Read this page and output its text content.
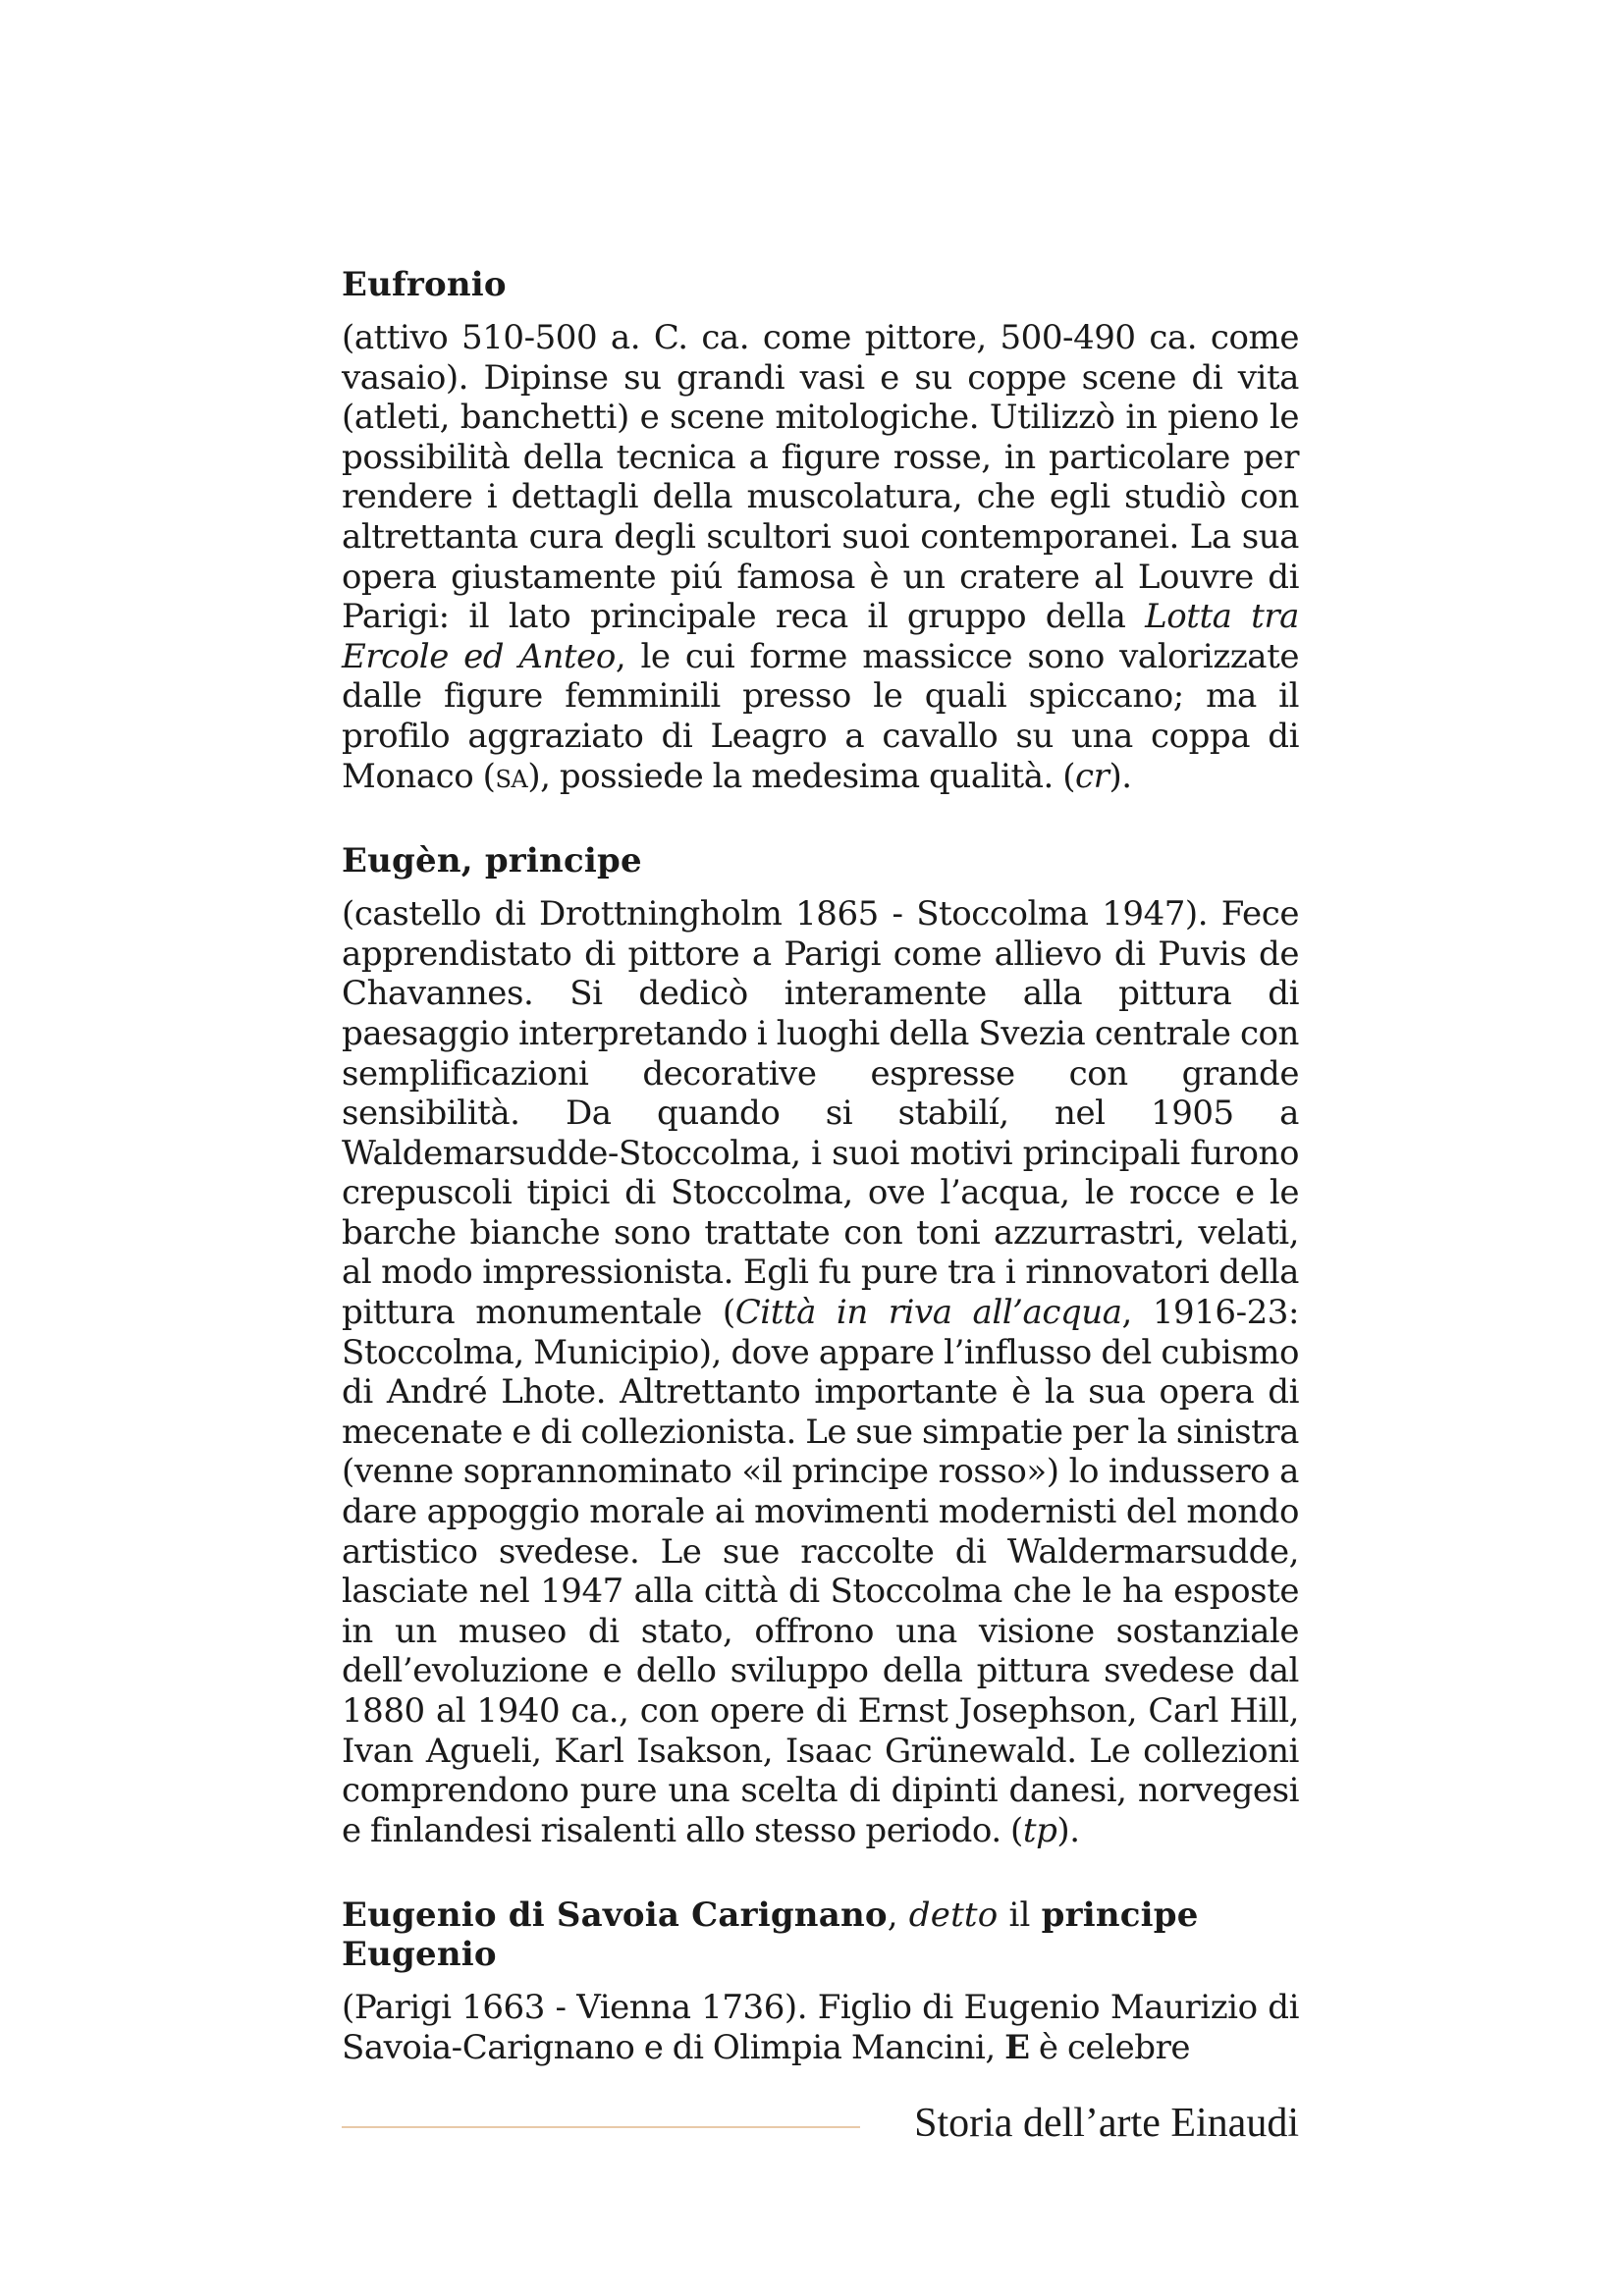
Eufronio

(attivo 510-500 a. C. ca. come pittore, 500-490 ca. come vasaio). Dipinse su grandi vasi e su coppe scene di vita (atleti, banchetti) e scene mitologiche. Utilizzò in pieno le possibilità della tecnica a figure rosse, in particolare per rendere i dettagli della muscolatura, che egli studiò con altrettanta cura degli scultori suoi contemporanei. La sua opera giustamente piú famosa è un cratere al Louvre di Parigi: il lato principale reca il gruppo della Lotta tra Ercole ed Anteo, le cui forme massicce sono valorizzate dalle figure femminili presso le quali spiccano; ma il profilo aggraziato di Leagro a cavallo su una coppa di Monaco (sa), possiede la medesima qualità. (cr).

Eugèn, principe

(castello di Drottningholm 1865 - Stoccolma 1947). Fece apprendistato di pittore a Parigi come allievo di Puvis de Chavannes. Si dedicò interamente alla pittura di paesaggio interpretando i luoghi della Svezia centrale con semplificazioni decorative espresse con grande sensibilità. Da quando si stabilí, nel 1905 a Waldemarsudde-Stoccolma, i suoi motivi principali furono crepuscoli tipici di Stoccolma, ove l’acqua, le rocce e le barche bianche sono trattate con toni azzurrastri, velati, al modo impressionista. Egli fu pure tra i rinnovatori della pittura monumentale (Città in riva all’acqua, 1916-23: Stoccolma, Municipio), dove appare l’influsso del cubismo di André Lhote. Altrettanto importante è la sua opera di mecenate e di collezionista. Le sue simpatie per la sinistra (venne soprannominato «il principe rosso») lo indussero a dare appoggio morale ai movimenti modernisti del mondo artistico svedese. Le sue raccolte di Waldermarsudde, lasciate nel 1947 alla città di Stoccolma che le ha esposte in un museo di stato, offrono una visione sostanziale dell’evoluzione e dello sviluppo della pittura svedese dal 1880 al 1940 ca., con opere di Ernst Josephson, Carl Hill, Ivan Agueli, Karl Isakson, Isaac Grünewald. Le collezioni comprendono pure una scelta di dipinti danesi, norvegesi e finlandesi risalenti allo stesso periodo. (tp).

Eugenio di Savoia Carignano, detto il principe Eugenio

(Parigi 1663 - Vienna 1736). Figlio di Eugenio Maurizio di Savoia-Carignano e di Olimpia Mancini, E è celebre

Storia dell’arte Einaudi
